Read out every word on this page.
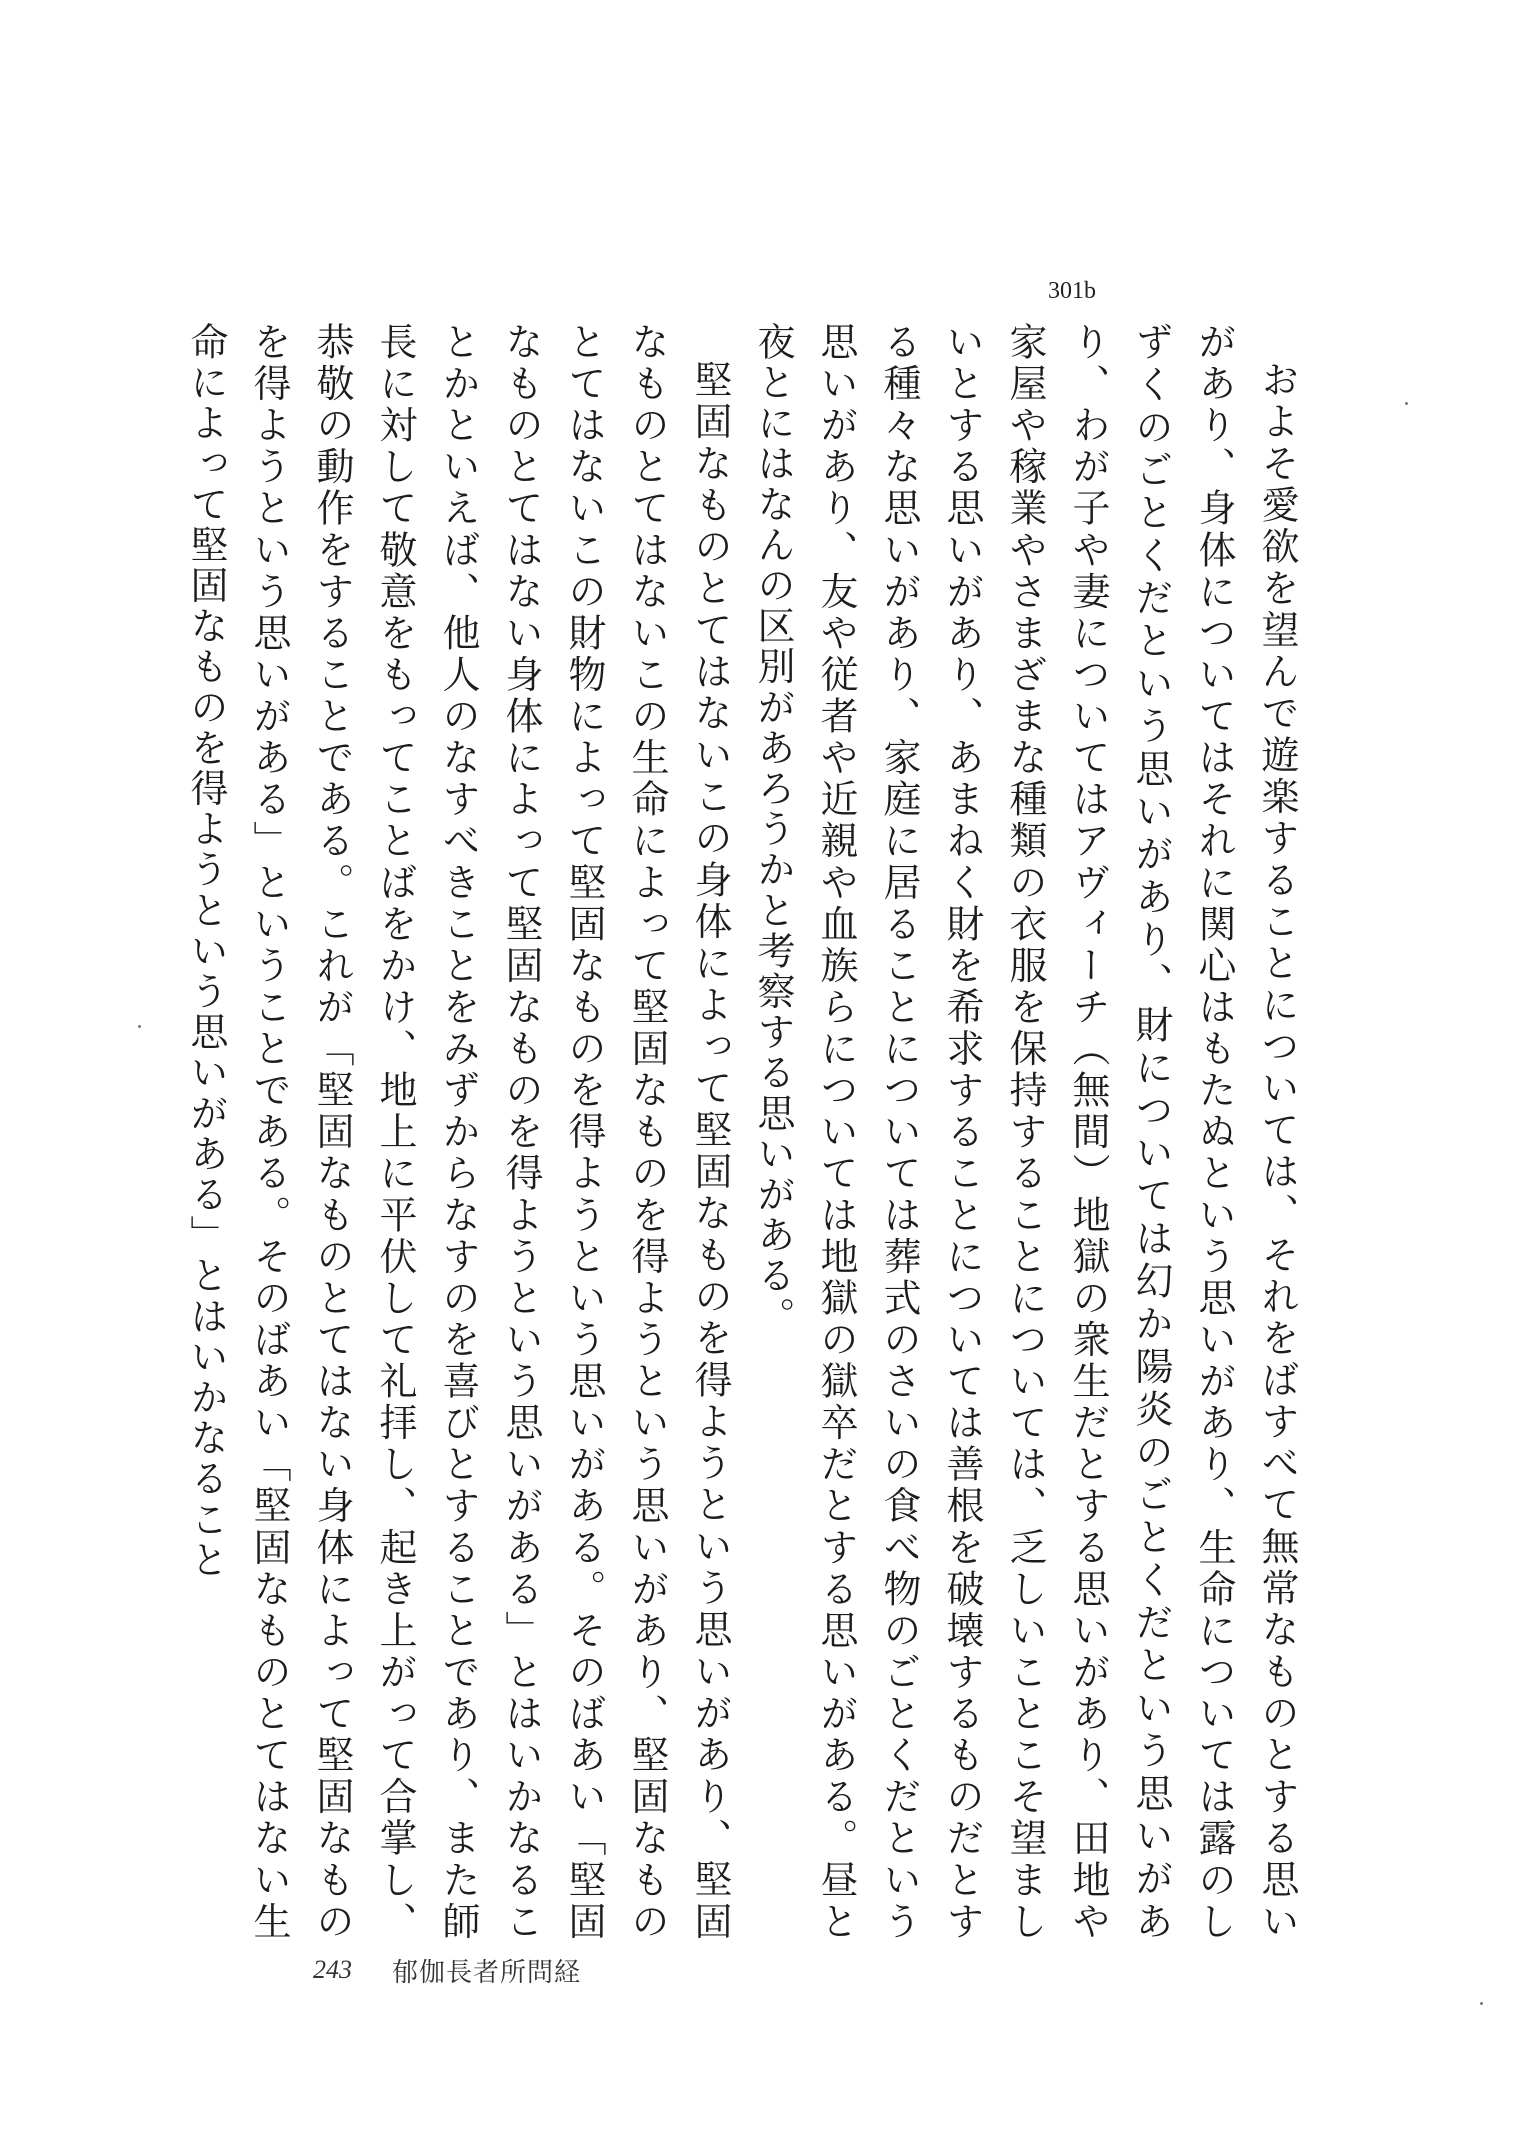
301b

およそ愛欲を望んで遊楽することについては、それをばすべて無常なものとする思いがあり、身体についてはそれに関心はもたぬという思いがあり、生命については露のしずくのごとくだという思いがあり、財については幻か陽炎のごとくだという思いがあり、わが子や妻についてはアヴィーチ（無間）地獄の衆生だとする思いがあり、田地や家屋や稼業やさまざまな種類の衣服を保持することについては、乏しいことこそ望ましいとする思いがあり、あまねく財を希求することについては善根を破壊するものだとする種々な思いがあり、家庭に居ることについては葬式のさいの食べ物のごとくだという思いがあり、友や従者や近親や血族らについては地獄の獄卒だとする思いがある。昼と夜とにはなんの区別があろうかと考察する思いがある。

堅固なものとてはないこの身体によって堅固なものを得ようという思いがあり、堅固なものとてはないこの生命によって堅固なものを得ようという思いがあり、堅固なものとてはないこの財物によって堅固なものを得ようという思いがある。そのばあい「堅固なものとてはない身体によって堅固なものを得ようという思いがある」とはいかなることかといえば、他人のなすべきことをみずからなすのを喜びとすることであり、また師長に対して敬意をもってことばをかけ、地上に平伏して礼拝し、起き上がって合掌し、恭敬の動作をすることである。これが「堅固なものとてはない身体によって堅固なものを得ようという思いがある」ということである。そのばあい「堅固なものとてはない生命によって堅固なものを得ようという思いがある」とはいかなること

243 郁伽長者所問経
